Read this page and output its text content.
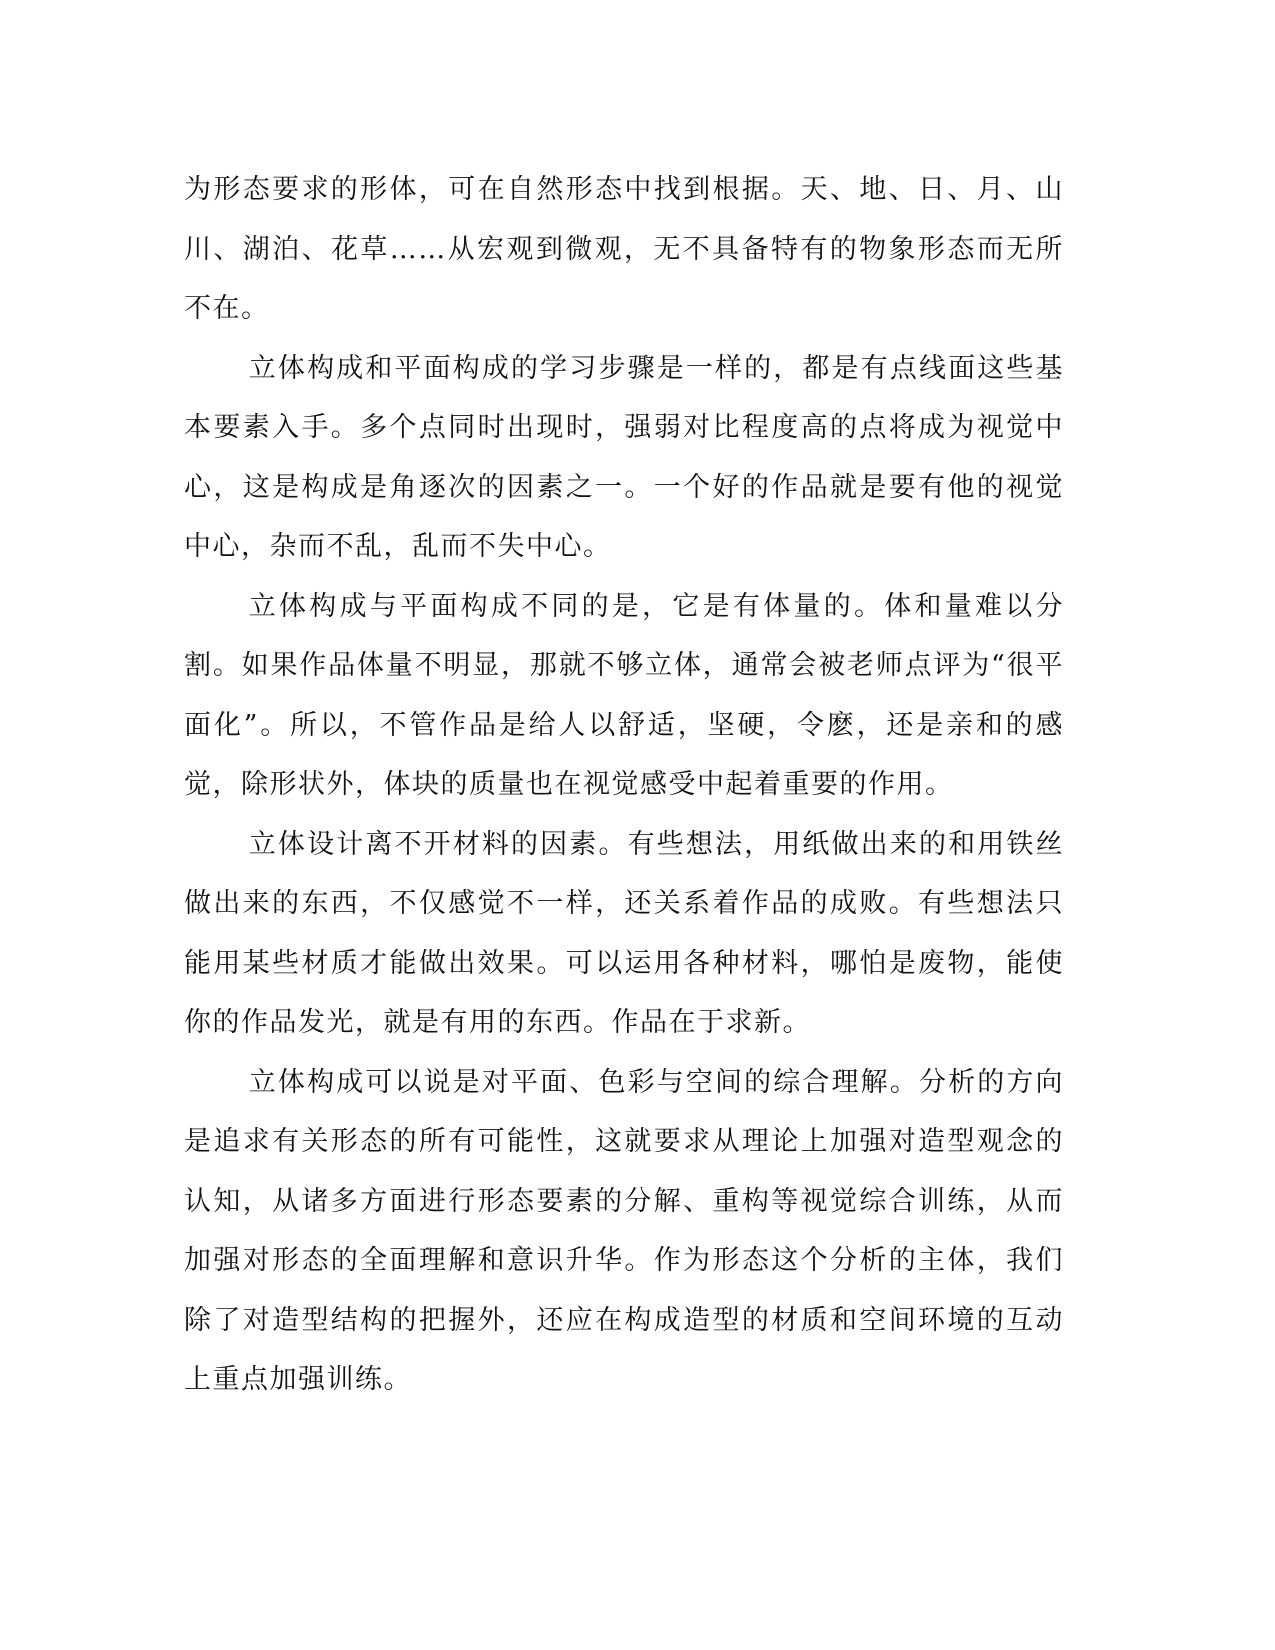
为形态要求的形体，可在自然形态中找到根据。天、地、日、月、山川、湖泊、花草……从宏观到微观，无不具备特有的物象形态而无所不在。

立体构成和平面构成的学习步骤是一样的，都是有点线面这些基本要素入手。多个点同时出现时，强弱对比程度高的点将成为视觉中心，这是构成是角逐次的因素之一。一个好的作品就是要有他的视觉中心，杂而不乱，乱而不失中心。

立体构成与平面构成不同的是，它是有体量的。体和量难以分割。如果作品体量不明显，那就不够立体，通常会被老师点评为“很平面化”。所以，不管作品是给人以舒适，坚硬，令麽，还是亲和的感觉，除形状外，体块的质量也在视觉感受中起着重要的作用。

立体设计离不开材料的因素。有些想法，用纸做出来的和用铁丝做出来的东西，不仅感觉不一样，还关系着作品的成败。有些想法只能用某些材质才能做出效果。可以运用各种材料，哪怕是废物，能使你的作品发光，就是有用的东西。作品在于求新。

立体构成可以说是对平面、色彩与空间的综合理解。分析的方向是追求有关形态的所有可能性，这就要求从理论上加强对造型观念的认知，从诸多方面进行形态要素的分解、重构等视觉综合训练，从而加强对形态的全面理解和意识升华。作为形态这个分析的主体，我们除了对造型结构的把握外，还应在构成造型的材质和空间环境的互动上重点加强训练。
